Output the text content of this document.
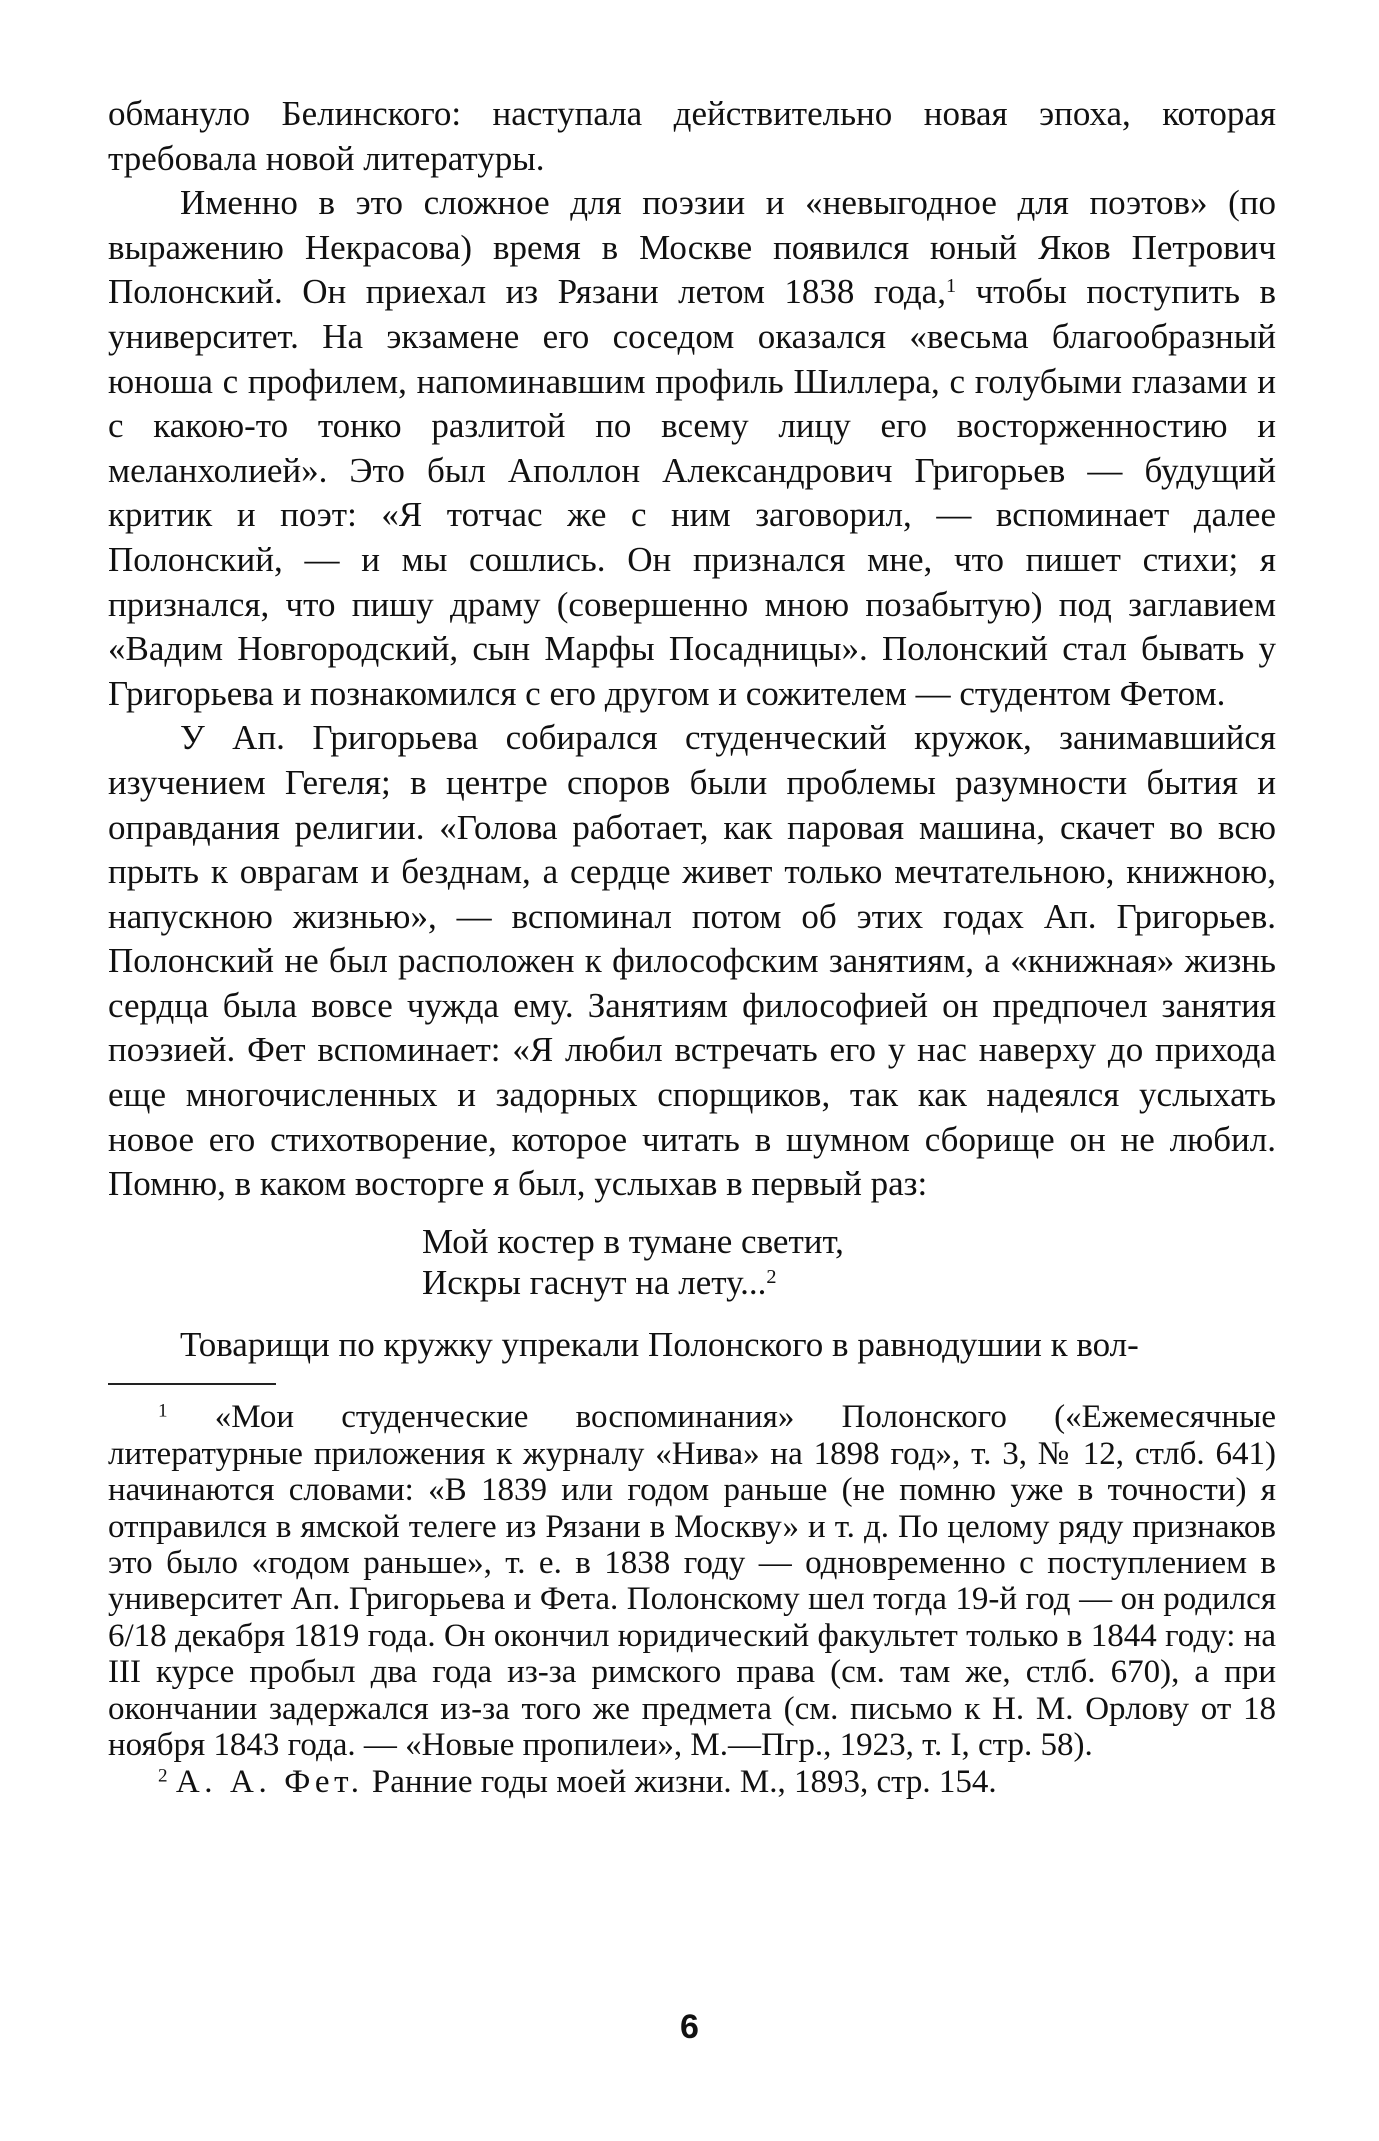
обмануло Белинского: наступала действительно новая эпоха, которая требовала новой литературы.

Именно в это сложное для поэзии и «невыгодное для поэтов» (по выражению Некрасова) время в Москве появился юный Яков Петрович Полонский. Он приехал из Рязани летом 1838 года,$^1$ чтобы поступить в университет. На экзамене его соседом оказался «весьма благообразный юноша с профилем, напоминавшим профиль Шиллера, с голубыми глазами и с какою-то тонко разлитой по всему лицу его восторженностию и меланхолией». Это был Аполлон Александрович Григорьев — будущий критик и поэт: «Я тотчас же с ним заговорил, — вспоминает далее Полонский, — и мы сошлись. Он признался мне, что пишет стихи; я признался, что пишу драму (совершенно мною позабытую) под заглавием «Вадим Новгородский, сын Марфы Посадницы». Полонский стал бывать у Григорьева и познакомился с его другом и сожителем — студентом Фетом.

У Ап. Григорьева собирался студенческий кружок, занимавшийся изучением Гегеля; в центре споров были проблемы разумности бытия и оправдания религии. «Голова работает, как паровая машина, скачет во всю прыть к оврагам и безднам, а сердце живет только мечтательною, книжною, напускною жизнью», — вспоминал потом об этих годах Ап. Григорьев. Полонский не был расположен к философским занятиям, а «книжная» жизнь сердца была вовсе чужда ему. Занятиям философией он предпочел занятия поэзией. Фет вспоминает: «Я любил встречать его у нас наверху до прихода еще многочисленных и задорных спорщиков, так как надеялся услыхать новое его стихотворение, которое читать в шумном сборище он не любил. Помню, в каком восторге я был, услыхав в первый раз:

Мой костер в тумане светит,
Искры гаснут на лету...$^2$

Товарищи по кружку упрекали Полонского в равнодушии к вол-

$^1$ «Мои студенческие воспоминания» Полонского («Ежемесячные литературные приложения к журналу «Нива» на 1898 год», т. 3, № 12, стлб. 641) начинаются словами: «В 1839 или годом раньше (не помню уже в точности) я отправился в ямской телеге из Рязани в Москву» и т. д. По целому ряду признаков это было «годом раньше», т. е. в 1838 году — одновременно с поступлением в университет Ап. Григорьева и Фета. Полонскому шел тогда 19-й год — он родился 6/18 декабря 1819 года. Он окончил юридический факультет только в 1844 году: на III курсе пробыл два года из-за римского права (см. там же, стлб. 670), а при окончании задержался из-за того же предмета (см. письмо к Н. М. Орлову от 18 ноября 1843 года. — «Новые пропилеи», М.—Пгр., 1923, т. I, стр. 58).

$^2$ А. А. Фет. Ранние годы моей жизни. М., 1893, стр. 154.

6
